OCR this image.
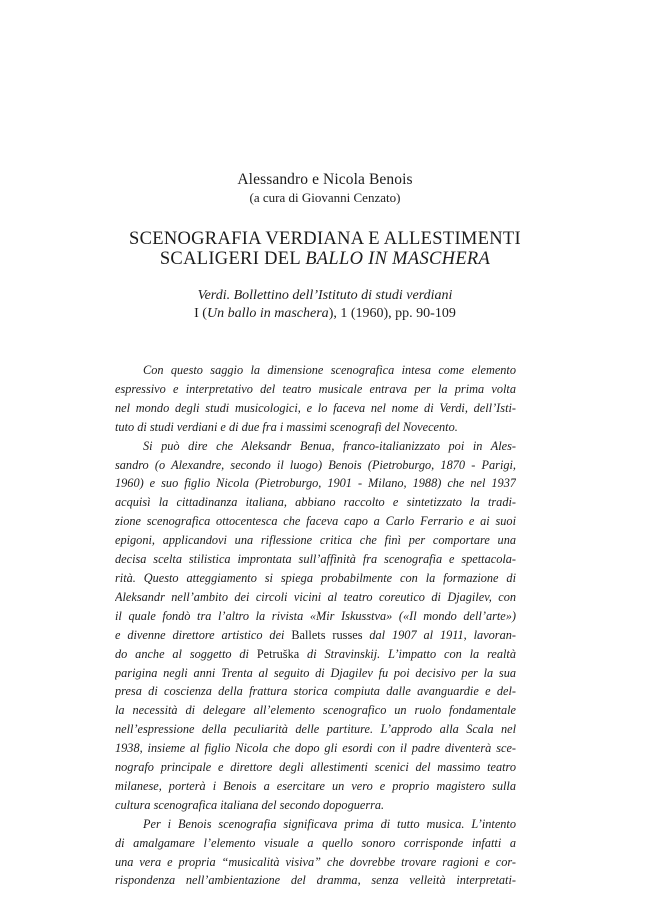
Alessandro e Nicola Benois
(a cura di Giovanni Cenzato)
SCENOGRAFIA VERDIANA E ALLESTIMENTI
SCALIGERI DEL BALLO IN MASCHERA
Verdi. Bollettino dell’Istituto di studi verdiani
I (Un ballo in maschera), 1 (1960), pp. 90-109
Con questo saggio la dimensione scenografica intesa come elemento
espressivo e interpretativo del teatro musicale entrava per la prima volta
nel mondo degli studi musicologici, e lo faceva nel nome di Verdi, dell’Isti-
tuto di studi verdiani e di due fra i massimi scenografi del Novecento.
Si può dire che Aleksandr Benua, franco-italianizzato poi in Ales-
sandro (o Alexandre, secondo il luogo) Benois (Pietroburgo, 1870 - Parigi,
1960) e suo figlio Nicola (Pietroburgo, 1901 - Milano, 1988) che nel 1937
acquisì la cittadinanza italiana, abbiano raccolto e sintetizzato la tradi-
zione scenografica ottocentesca che faceva capo a Carlo Ferrario e ai suoi
epigoni, applicandovi una riflessione critica che finì per comportare una
decisa scelta stilistica improntata sull’affinità fra scenografia e spettacola-
rità. Questo atteggiamento si spiega probabilmente con la formazione di
Aleksandr nell’ambito dei circoli vicini al teatro coreutico di Djagilev, con
il quale fondò tra l’altro la rivista «Mir Iskusstva» («Il mondo dell’arte»)
e divenne direttore artistico dei Ballets russes dal 1907 al 1911, lavoran-
do anche al soggetto di Petruška di Stravinskij. L’impatto con la realtà
parigina negli anni Trenta al seguito di Djagilev fu poi decisivo per la sua
presa di coscienza della frattura storica compiuta dalle avanguardie e del-
la necessità di delegare all’elemento scenografico un ruolo fondamentale
nell’espressione della peculiarità delle partiture. L’approdo alla Scala nel
1938, insieme al figlio Nicola che dopo gli esordi con il padre diventerà sce-
nografo principale e direttore degli allestimenti scenici del massimo teatro
milanese, porterà i Benois a esercitare un vero e proprio magistero sulla
cultura scenografica italiana del secondo dopoguerra.
Per i Benois scenografia significava prima di tutto musica. L’intento
di amalgamare l’elemento visuale a quello sonoro corrisponde infatti a
una vera e propria “musicalità visiva” che dovrebbe trovare ragioni e cor-
rispondenza nell’ambientazione del dramma, senza velleità interpretati-
